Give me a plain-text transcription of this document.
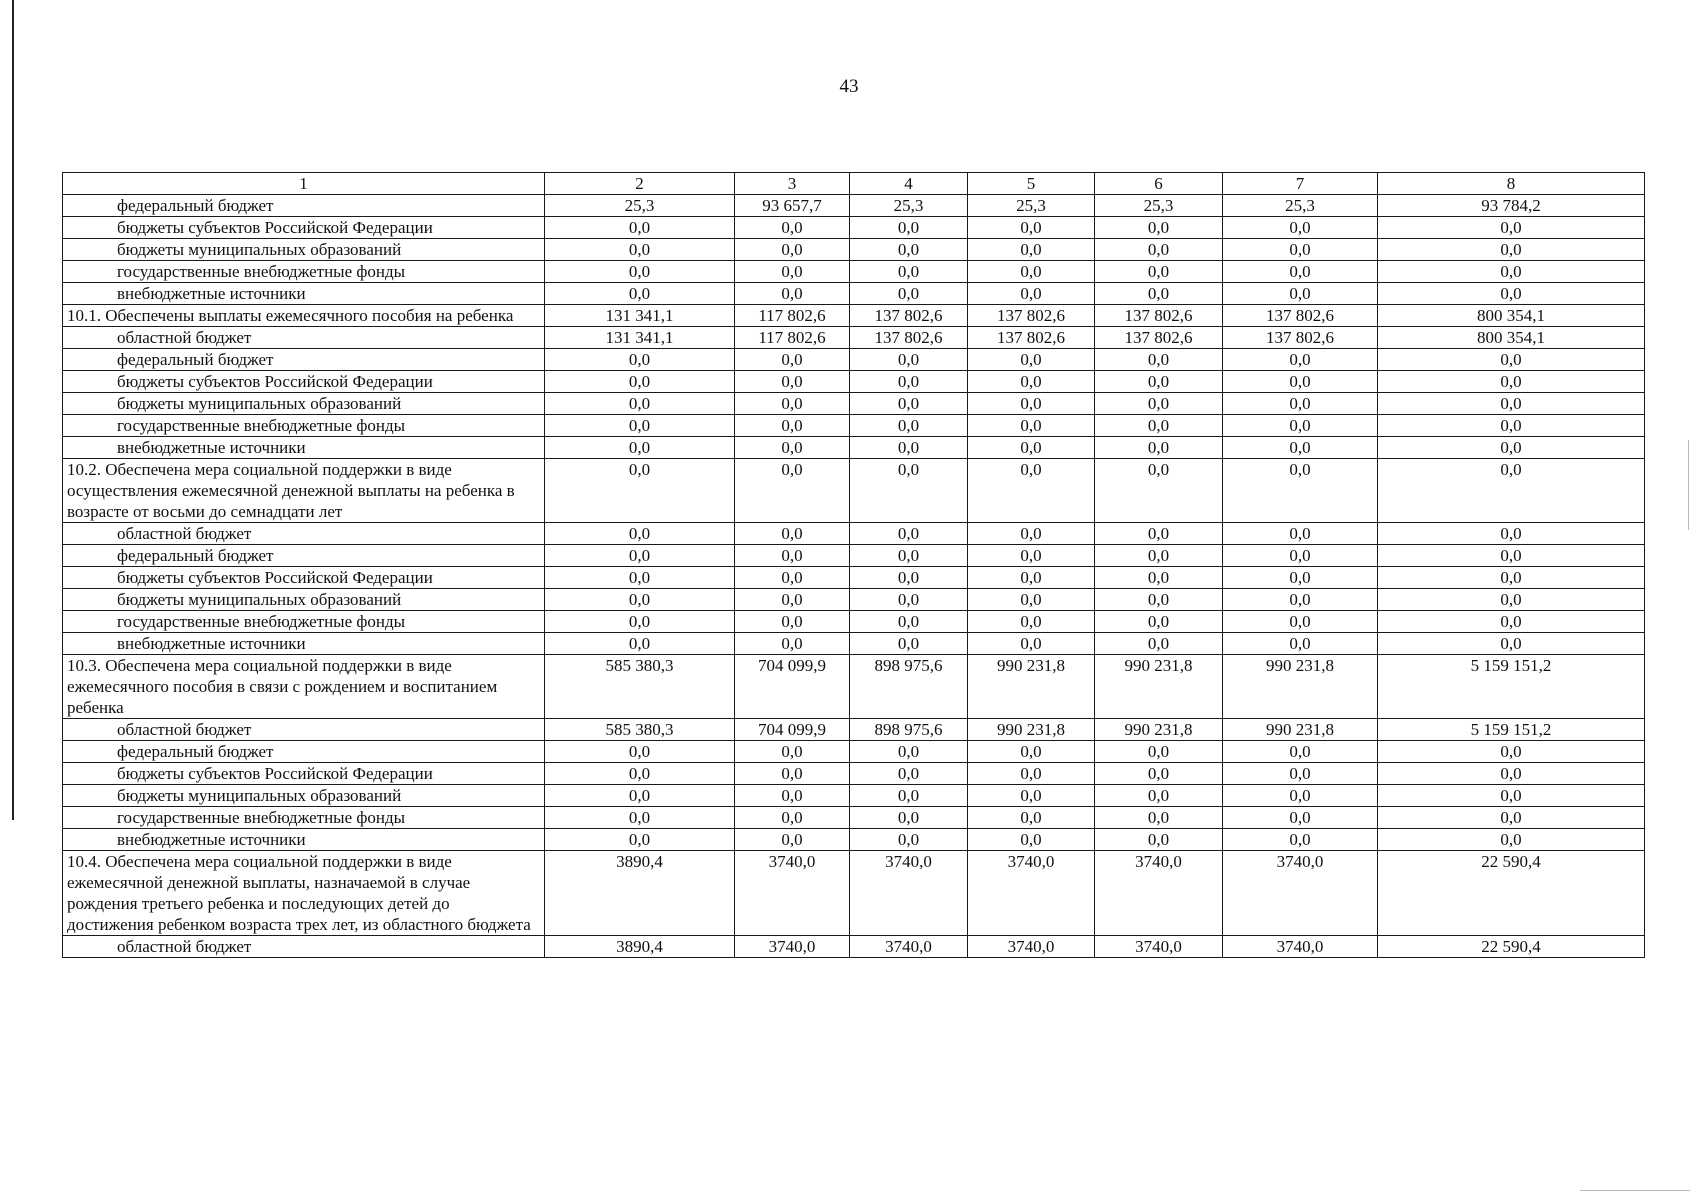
43
1	2	3	4	5	6	7	8
федеральный бюджет	25,3	93 657,7	25,3	25,3	25,3	25,3	93 784,2
бюджеты субъектов Российской Федерации	0,0	0,0	0,0	0,0	0,0	0,0	0,0
бюджеты муниципальных образований	0,0	0,0	0,0	0,0	0,0	0,0	0,0
государственные внебюджетные фонды	0,0	0,0	0,0	0,0	0,0	0,0	0,0
внебюджетные источники	0,0	0,0	0,0	0,0	0,0	0,0	0,0
10.1. Обеспечены выплаты ежемесячного пособия на ребенка	131 341,1	117 802,6	137 802,6	137 802,6	137 802,6	137 802,6	800 354,1
областной бюджет	131 341,1	117 802,6	137 802,6	137 802,6	137 802,6	137 802,6	800 354,1
федеральный бюджет	0,0	0,0	0,0	0,0	0,0	0,0	0,0
бюджеты субъектов Российской Федерации	0,0	0,0	0,0	0,0	0,0	0,0	0,0
бюджеты муниципальных образований	0,0	0,0	0,0	0,0	0,0	0,0	0,0
государственные внебюджетные фонды	0,0	0,0	0,0	0,0	0,0	0,0	0,0
внебюджетные источники	0,0	0,0	0,0	0,0	0,0	0,0	0,0
10.2. Обеспечена мера социальной поддержки в виде осуществления ежемесячной денежной выплаты на ребенка в возрасте от восьми до семнадцати лет	0,0	0,0	0,0	0,0	0,0	0,0	0,0
областной бюджет	0,0	0,0	0,0	0,0	0,0	0,0	0,0
федеральный бюджет	0,0	0,0	0,0	0,0	0,0	0,0	0,0
бюджеты субъектов Российской Федерации	0,0	0,0	0,0	0,0	0,0	0,0	0,0
бюджеты муниципальных образований	0,0	0,0	0,0	0,0	0,0	0,0	0,0
государственные внебюджетные фонды	0,0	0,0	0,0	0,0	0,0	0,0	0,0
внебюджетные источники	0,0	0,0	0,0	0,0	0,0	0,0	0,0
10.3. Обеспечена мера социальной поддержки в виде ежемесячного пособия в связи с рождением и воспитанием ребенка	585 380,3	704 099,9	898 975,6	990 231,8	990 231,8	990 231,8	5 159 151,2
областной бюджет	585 380,3	704 099,9	898 975,6	990 231,8	990 231,8	990 231,8	5 159 151,2
федеральный бюджет	0,0	0,0	0,0	0,0	0,0	0,0	0,0
бюджеты субъектов Российской Федерации	0,0	0,0	0,0	0,0	0,0	0,0	0,0
бюджеты муниципальных образований	0,0	0,0	0,0	0,0	0,0	0,0	0,0
государственные внебюджетные фонды	0,0	0,0	0,0	0,0	0,0	0,0	0,0
внебюджетные источники	0,0	0,0	0,0	0,0	0,0	0,0	0,0
10.4. Обеспечена мера социальной поддержки в виде ежемесячной денежной выплаты, назначаемой в случае рождения третьего ребенка и последующих детей до достижения ребенком возраста трех лет, из областного бюджета	3890,4	3740,0	3740,0	3740,0	3740,0	3740,0	22 590,4
областной бюджет	3890,4	3740,0	3740,0	3740,0	3740,0	3740,0	22 590,4
